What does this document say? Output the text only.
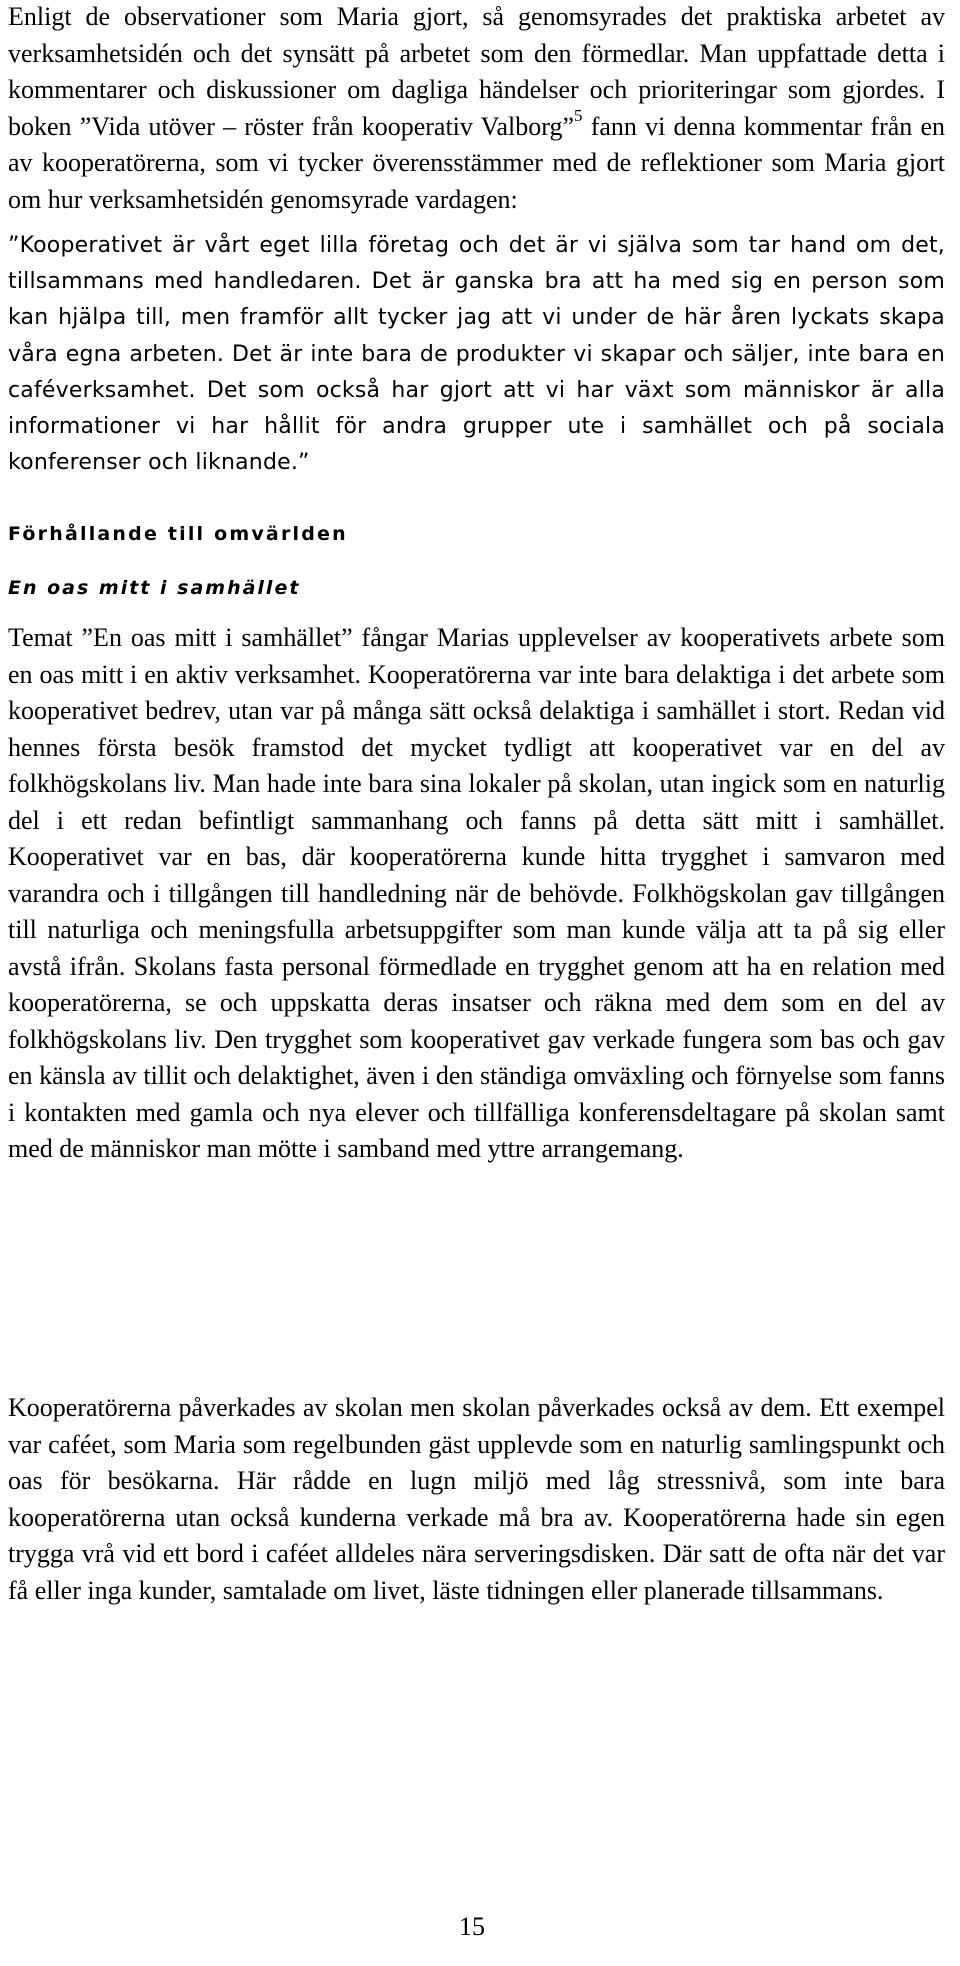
Enligt de observationer som Maria gjort, så genomsyrades det praktiska arbetet av verksamhetsidén och det synsätt på arbetet som den förmedlar. Man uppfattade detta i kommentarer och diskussioner om dagliga händelser och prioriteringar som gjordes. I boken ”Vida utöver – röster från kooperativ Valborg”$^5$ fann vi denna kommentar från en av kooperatörerna, som vi tycker överensstämmer med de reflektioner som Maria gjort om hur verksamhetsidén genomsyrade vardagen:

”Kooperativet är vårt eget lilla företag och det är vi själva som tar hand om det, tillsammans med handledaren. Det är ganska bra att ha med sig en person som kan hjälpa till, men framför allt tycker jag att vi under de här åren lyckats skapa våra egna arbeten. Det är inte bara de produkter vi skapar och säljer, inte bara en caféverksamhet. Det som också har gjort att vi har växt som människor är alla informationer vi har hållit för andra grupper ute i samhället och på sociala konferenser och liknande.”

Förhållande till omvärlden
En oas mitt i samhället

Temat ”En oas mitt i samhället” fångar Marias upplevelser av kooperativets arbete som en oas mitt i en aktiv verksamhet. Kooperatörerna var inte bara delaktiga i det arbete som kooperativet bedrev, utan var på många sätt också delaktiga i samhället i stort. Redan vid hennes första besök framstod det mycket tydligt att kooperativet var en del av folkhögskolans liv. Man hade inte bara sina lokaler på skolan, utan ingick som en naturlig del i ett redan befintligt sammanhang och fanns på detta sätt mitt i samhället. Kooperativet var en bas, där kooperatörerna kunde hitta trygghet i samvaron med varandra och i tillgången till handledning när de behövde. Folkhögskolan gav tillgången till naturliga och meningsfulla arbetsuppgifter som man kunde välja att ta på sig eller avstå ifrån. Skolans fasta personal förmedlade en trygghet genom att ha en relation med kooperatörerna, se och uppskatta deras insatser och räkna med dem som en del av folkhögskolans liv. Den trygghet som kooperativet gav verkade fungera som bas och gav en känsla av tillit och delaktighet, även i den ständiga omväxling och förnyelse som fanns i kontakten med gamla och nya elever och tillfälliga konferensdeltagare på skolan samt med de människor man mötte i samband med yttre arrangemang.

Kooperatörerna påverkades av skolan men skolan påverkades också av dem. Ett exempel var caféet, som Maria som regelbunden gäst upplevde som en naturlig samlingspunkt och oas för besökarna. Här rådde en lugn miljö med låg stressnivå, som inte bara kooperatörerna utan också kunderna verkade må bra av. Kooperatörerna hade sin egen trygga vrå vid ett bord i caféet alldeles nära serveringsdisken. Där satt de ofta när det var få eller inga kunder, samtalade om livet, läste tidningen eller planerade tillsammans.

15
